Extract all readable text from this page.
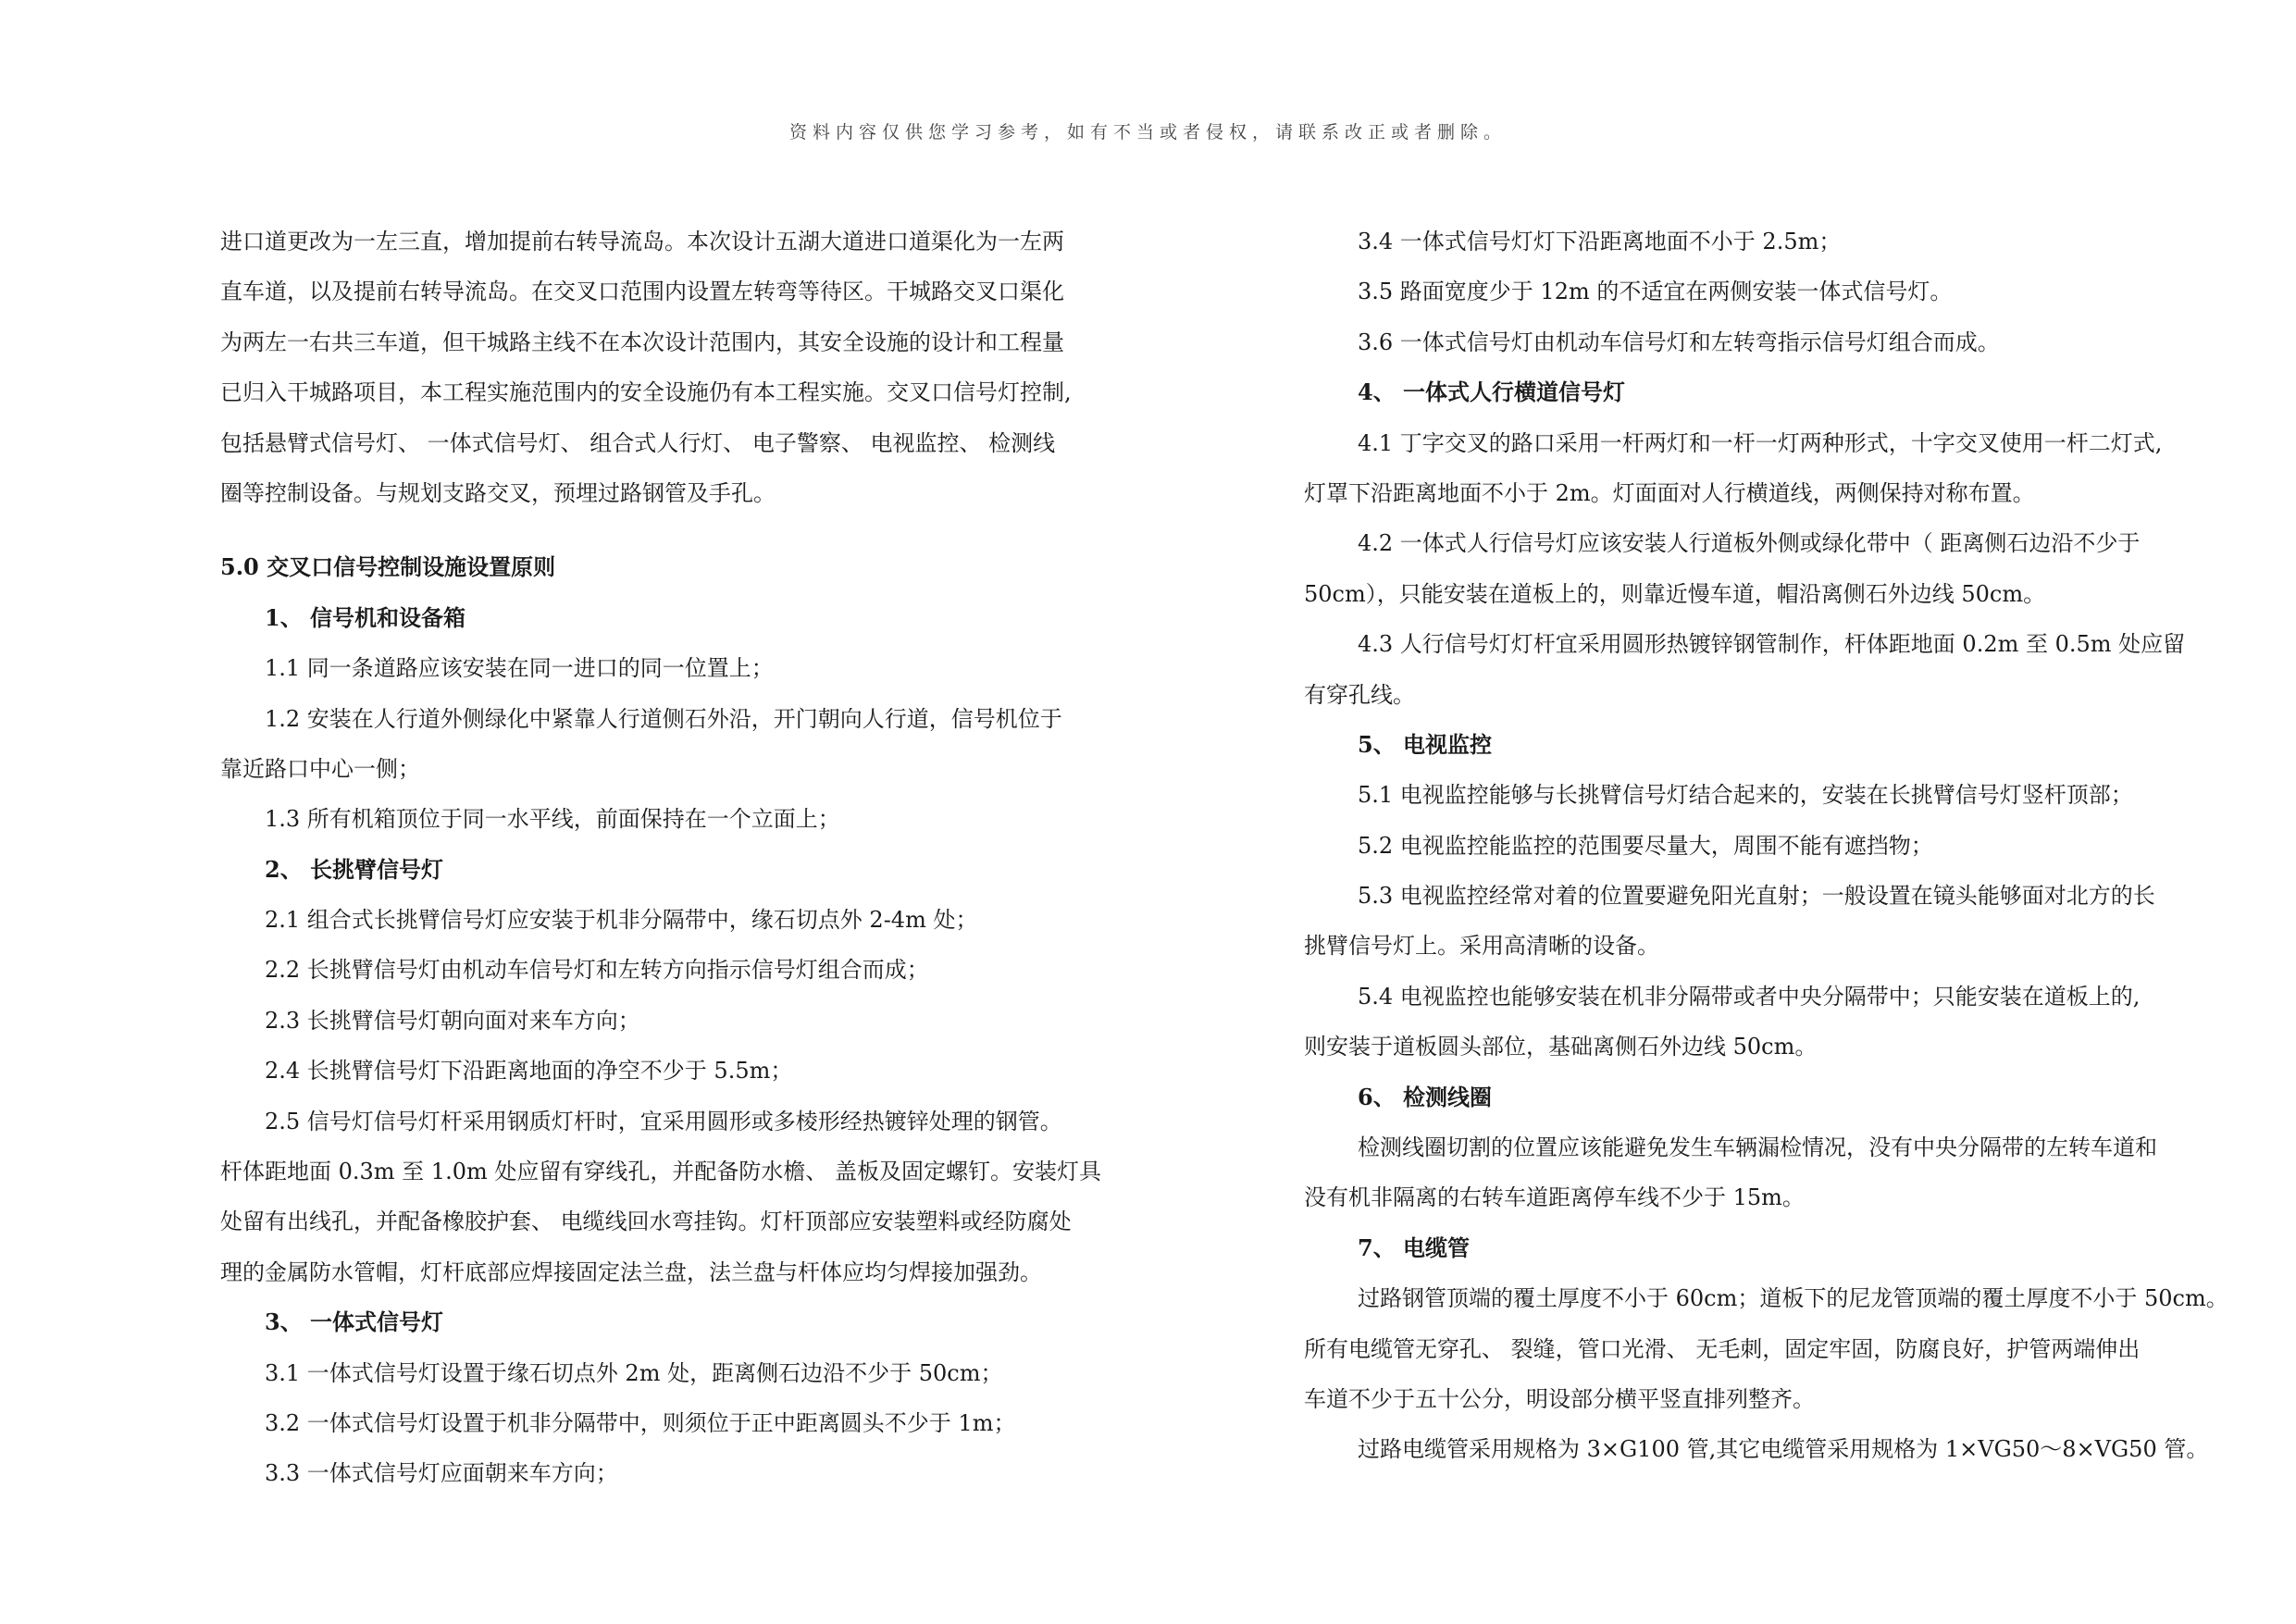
资料内容仅供您学习参考，如有不当或者侵权，请联系改正或者删除。
进口道更改为一左三直，增加提前右转导流岛。本次设计五湖大道进口道渠化为一左两
直车道，以及提前右转导流岛。在交叉口范围内设置左转弯等待区。干城路交叉口渠化
为两左一右共三车道，但干城路主线不在本次设计范围内，其安全设施的设计和工程量
已归入干城路项目，本工程实施范围内的安全设施仍有本工程实施。交叉口信号灯控制,
包括悬臂式信号灯、 一体式信号灯、 组合式人行灯、 电子警察、 电视监控、 检测线
圈等控制设备。与规划支路交叉，预埋过路钢管及手孔。
5.0 交叉口信号控制设施设置原则
1、 信号机和设备箱
1.1 同一条道路应该安装在同一进口的同一位置上；
1.2 安装在人行道外侧绿化中紧靠人行道侧石外沿，开门朝向人行道，信号机位于
靠近路口中心一侧；
1.3 所有机箱顶位于同一水平线，前面保持在一个立面上；
2、 长挑臂信号灯
2.1 组合式长挑臂信号灯应安装于机非分隔带中，缘石切点外 2-4m 处；
2.2 长挑臂信号灯由机动车信号灯和左转方向指示信号灯组合而成；
2.3 长挑臂信号灯朝向面对来车方向；
2.4 长挑臂信号灯下沿距离地面的净空不少于 5.5m；
2.5 信号灯信号灯杆采用钢质灯杆时，宜采用圆形或多棱形经热镀锌处理的钢管。
杆体距地面 0.3m 至 1.0m 处应留有穿线孔，并配备防水檐、 盖板及固定螺钉。安装灯具
处留有出线孔，并配备橡胶护套、 电缆线回水弯挂钩。灯杆顶部应安装塑料或经防腐处
理的金属防水管帽，灯杆底部应焊接固定法兰盘，法兰盘与杆体应均匀焊接加强劲。
3、 一体式信号灯
3.1 一体式信号灯设置于缘石切点外 2m 处，距离侧石边沿不少于 50cm；
3.2 一体式信号灯设置于机非分隔带中，则须位于正中距离圆头不少于 1m；
3.3 一体式信号灯应面朝来车方向；
3.4 一体式信号灯灯下沿距离地面不小于 2.5m；
3.5 路面宽度少于 12m 的不适宜在两侧安装一体式信号灯。
3.6 一体式信号灯由机动车信号灯和左转弯指示信号灯组合而成。
4、 一体式人行横道信号灯
4.1 丁字交叉的路口采用一杆两灯和一杆一灯两种形式，十字交叉使用一杆二灯式,
灯罩下沿距离地面不小于 2m。灯面面对人行横道线，两侧保持对称布置。
4.2 一体式人行信号灯应该安装人行道板外侧或绿化带中（ 距离侧石边沿不少于
50cm），只能安装在道板上的，则靠近慢车道，帽沿离侧石外边线 50cm。
4.3 人行信号灯灯杆宜采用圆形热镀锌钢管制作，杆体距地面 0.2m 至 0.5m 处应留
有穿孔线。
5、 电视监控
5.1 电视监控能够与长挑臂信号灯结合起来的，安装在长挑臂信号灯竖杆顶部；
5.2 电视监控能监控的范围要尽量大，周围不能有遮挡物；
5.3 电视监控经常对着的位置要避免阳光直射；一般设置在镜头能够面对北方的长
挑臂信号灯上。采用高清晰的设备。
5.4 电视监控也能够安装在机非分隔带或者中央分隔带中；只能安装在道板上的,
则安装于道板圆头部位，基础离侧石外边线 50cm。
6、 检测线圈
检测线圈切割的位置应该能避免发生车辆漏检情况，没有中央分隔带的左转车道和
没有机非隔离的右转车道距离停车线不少于 15m。
7、 电缆管
过路钢管顶端的覆土厚度不小于 60cm；道板下的尼龙管顶端的覆土厚度不小于 50cm。
所有电缆管无穿孔、 裂缝，管口光滑、 无毛刺，固定牢固，防腐良好，护管两端伸出
车道不少于五十公分，明设部分横平竖直排列整齐。
过路电缆管采用规格为 3×G100 管,其它电缆管采用规格为 1×VG50～8×VG50 管。
